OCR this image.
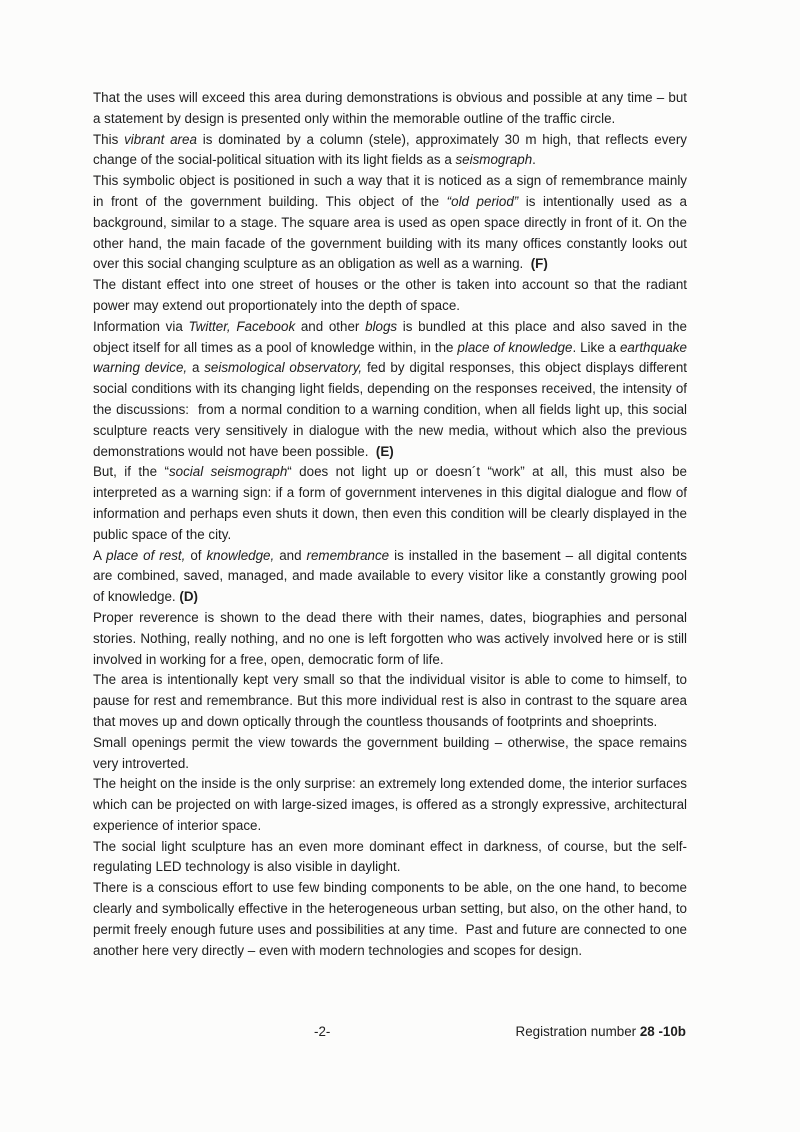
That the uses will exceed this area during demonstrations is obvious and possible at any time – but a statement by design is presented only within the memorable outline of the traffic circle.

This vibrant area is dominated by a column (stele), approximately 30 m high, that reflects every change of the social-political situation with its light fields as a seismograph.

This symbolic object is positioned in such a way that it is noticed as a sign of remembrance mainly in front of the government building. This object of the “old period” is intentionally used as a background, similar to a stage. The square area is used as open space directly in front of it. On the other hand, the main facade of the government building with its many offices constantly looks out over this social changing sculpture as an obligation as well as a warning.  (F)

The distant effect into one street of houses or the other is taken into account so that the radiant power may extend out proportionately into the depth of space.

Information via Twitter, Facebook and other blogs is bundled at this place and also saved in the object itself for all times as a pool of knowledge within, in the place of knowledge. Like a earthquake warning device, a seismological observatory, fed by digital responses, this object displays different social conditions with its changing light fields, depending on the responses received, the intensity of the discussions:  from a normal condition to a warning condition, when all fields light up, this social sculpture reacts very sensitively in dialogue with the new media, without which also the previous demonstrations would not have been possible.  (E)

But, if the “social seismograph“ does not light up or doesn´t “work” at all, this must also be interpreted as a warning sign: if a form of government intervenes in this digital dialogue and flow of information and perhaps even shuts it down, then even this condition will be clearly displayed in the public space of the city.

A place of rest, of knowledge, and remembrance is installed in the basement – all digital contents are combined, saved, managed, and made available to every visitor like a constantly growing pool of knowledge. (D)

Proper reverence is shown to the dead there with their names, dates, biographies and personal stories. Nothing, really nothing, and no one is left forgotten who was actively involved here or is still involved in working for a free, open, democratic form of life.

The area is intentionally kept very small so that the individual visitor is able to come to himself, to pause for rest and remembrance. But this more individual rest is also in contrast to the square area that moves up and down optically through the countless thousands of footprints and shoeprints.

Small openings permit the view towards the government building – otherwise, the space remains very introverted.

The height on the inside is the only surprise: an extremely long extended dome, the interior surfaces which can be projected on with large-sized images, is offered as a strongly expressive, architectural experience of interior space.

The social light sculpture has an even more dominant effect in darkness, of course, but the self-regulating LED technology is also visible in daylight.

There is a conscious effort to use few binding components to be able, on the one hand, to become clearly and symbolically effective in the heterogeneous urban setting, but also, on the other hand, to permit freely enough future uses and possibilities at any time.  Past and future are connected to one another here very directly – even with modern technologies and scopes for design.

-2-	Registration number 28 -10b
